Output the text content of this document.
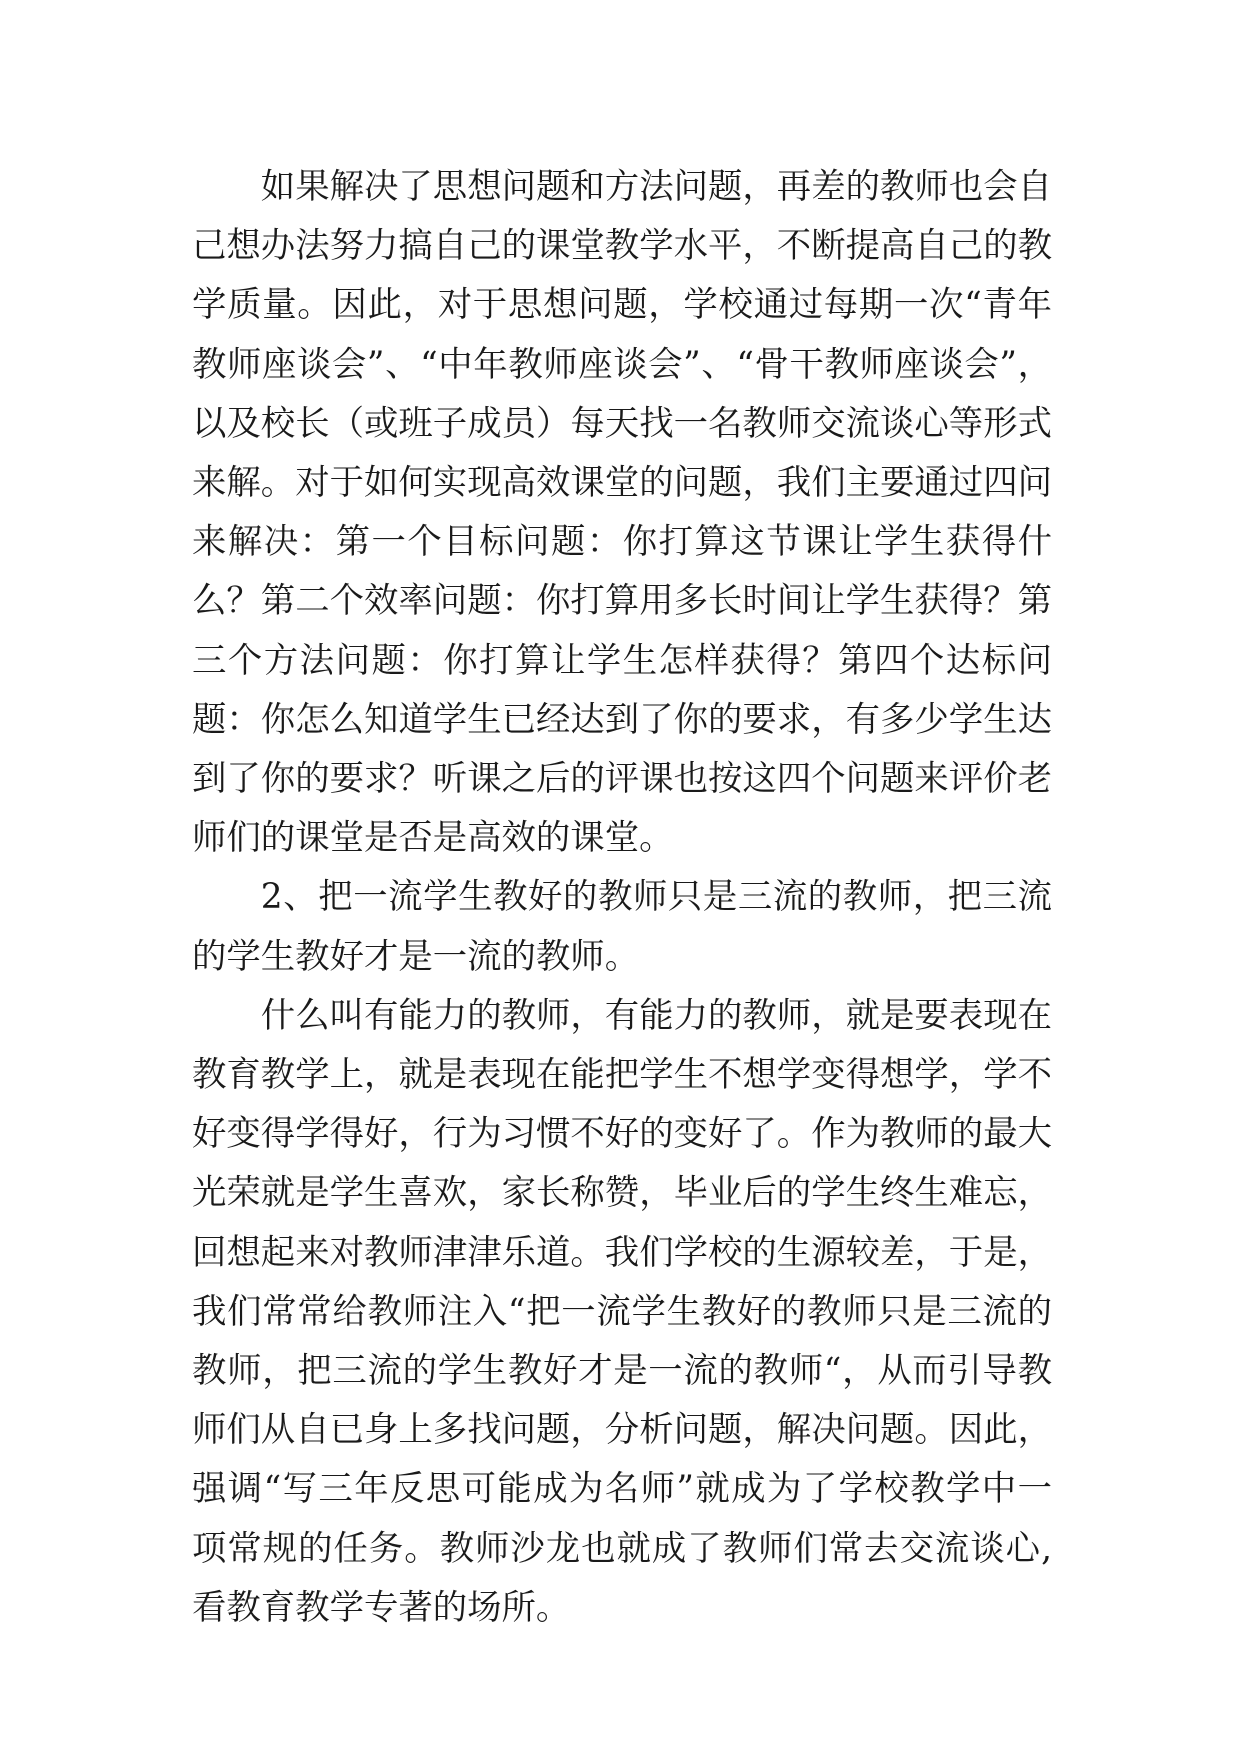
如果解决了思想问题和方法问题，再差的教师也会自己想办法努力搞自己的课堂教学水平，不断提高自己的教学质量。因此，对于思想问题，学校通过每期一次“青年教师座谈会”、“中年教师座谈会”、“骨干教师座谈会”，以及校长（或班子成员）每天找一名教师交流谈心等形式来解。对于如何实现高效课堂的问题，我们主要通过四问来解决：第一个目标问题：你打算这节课让学生获得什么？第二个效率问题：你打算用多长时间让学生获得？第三个方法问题：你打算让学生怎样获得？第四个达标问题：你怎么知道学生已经达到了你的要求，有多少学生达到了你的要求？听课之后的评课也按这四个问题来评价老师们的课堂是否是高效的课堂。

2、把一流学生教好的教师只是三流的教师，把三流的学生教好才是一流的教师。

什么叫有能力的教师，有能力的教师，就是要表现在教育教学上，就是表现在能把学生不想学变得想学，学不好变得学得好，行为习惯不好的变好了。作为教师的最大光荣就是学生喜欢，家长称赞，毕业后的学生终生难忘，回想起来对教师津津乐道。我们学校的生源较差，于是，我们常常给教师注入“把一流学生教好的教师只是三流的教师，把三流的学生教好才是一流的教师“，从而引导教师们从自已身上多找问题，分析问题，解决问题。因此，强调“写三年反思可能成为名师”就成为了学校教学中一项常规的任务。教师沙龙也就成了教师们常去交流谈心,看教育教学专著的场所。
